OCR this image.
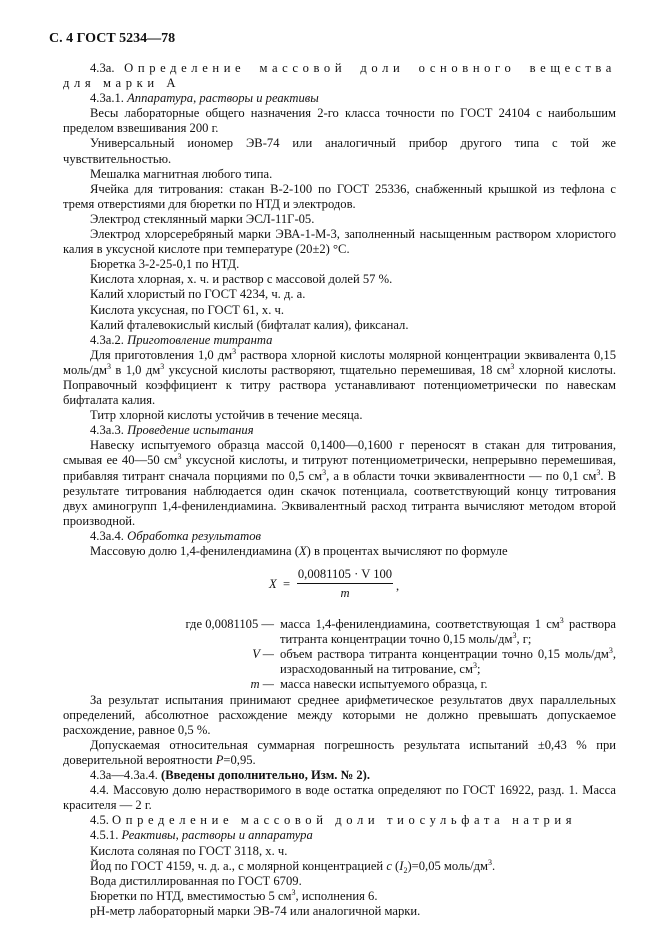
С. 4 ГОСТ 5234—78

4.3а. Определение массовой доли основного вещества для марки А

4.3а.1. Аппаратура, растворы и реактивы

Весы лабораторные общего назначения 2-го класса точности по ГОСТ 24104 с наибольшим пределом взвешивания 200 г.

Универсальный иономер ЭВ-74 или аналогичный прибор другого типа с той же чувствительностью.

Мешалка магнитная любого типа.

Ячейка для титрования: стакан В-2-100 по ГОСТ 25336, снабженный крышкой из тефлона с тремя отверстиями для бюретки по НТД и электродов.

Электрод стеклянный марки ЭСЛ-11Г-05.

Электрод хлорсеребряный марки ЭВА-1-М-3, заполненный насыщенным раствором хлористого калия в уксусной кислоте при температуре (20±2) °С.

Бюретка 3-2-25-0,1 по НТД.

Кислота хлорная, х. ч. и раствор с массовой долей 57 %.

Калий хлористый по ГОСТ 4234, ч. д. а.

Кислота уксусная, по ГОСТ 61, х. ч.

Калий фталевокислый кислый (бифталат калия), фиксанал.

4.3а.2. Приготовление титранта

Для приготовления 1,0 $дм^3$ раствора хлорной кислоты молярной концентрации эквивалента 0,15 моль/$дм^3$ в 1,0 $дм^3$ уксусной кислоты растворяют, тщательно перемешивая, 18 $см^3$ хлорной кислоты. Поправочный коэффициент к титру раствора устанавливают потенциометрически по навескам бифталата калия.

Титр хлорной кислоты устойчив в течение месяца.

4.3а.3. Проведение испытания

Навеску испытуемого образца массой 0,1400—0,1600 г переносят в стакан для титрования, смывая ее 40—50 $см^3$ уксусной кислоты, и титруют потенциометрически, непрерывно перемешивая, прибавляя титрант сначала порциями по 0,5 $см^3$, а в области точки эквивалентности — по 0,1 $см^3$. В результате титрования наблюдается один скачок потенциала, соответствующий концу титрования двух аминогрупп 1,4-фенилендиамина. Эквивалентный расход титранта вычисляют методом второй производной.

4.3а.4. Обработка результатов

Массовую долю 1,4-фенилендиамина (X) в процентах вычисляют по формуле

X =
0,0081105 · V 100
m	,
где 0,0081105 — масса 1,4-фенилендиамина, соответствующая 1 $см^3$ раствора титранта концентрации точно 0,15 моль/$дм^3$, г;
V — объем раствора титранта концентрации точно 0,15 моль/$дм^3$, израсходованный на титрование, $см^3$;
m — масса навески испытуемого образца, г.

За результат испытания принимают среднее арифметическое результатов двух параллельных определений, абсолютное расхождение между которыми не должно превышать допускаемое расхождение, равное 0,5 %.

Допускаемая относительная суммарная погрешность результата испытаний ±0,43 % при доверительной вероятности P=0,95.

4.3а—4.3а.4. (Введены дополнительно, Изм. № 2).

4.4. Массовую долю нерастворимого в воде остатка определяют по ГОСТ 16922, разд. 1. Масса красителя — 2 г.

4.5. Определение массовой доли тиосульфата натрия

4.5.1. Реактивы, растворы и аппаратура

Кислота соляная по ГОСТ 3118, х. ч.

Йод по ГОСТ 4159, ч. д. а., с молярной концентрацией c $(I_2)=0,05$ моль/$дм^3$.

Вода дистиллированная по ГОСТ 6709.

Бюретки по НТД, вместимостью 5 $см^3$, исполнения 6.

pH-метр лабораторный марки ЭВ-74 или аналогичной марки.
